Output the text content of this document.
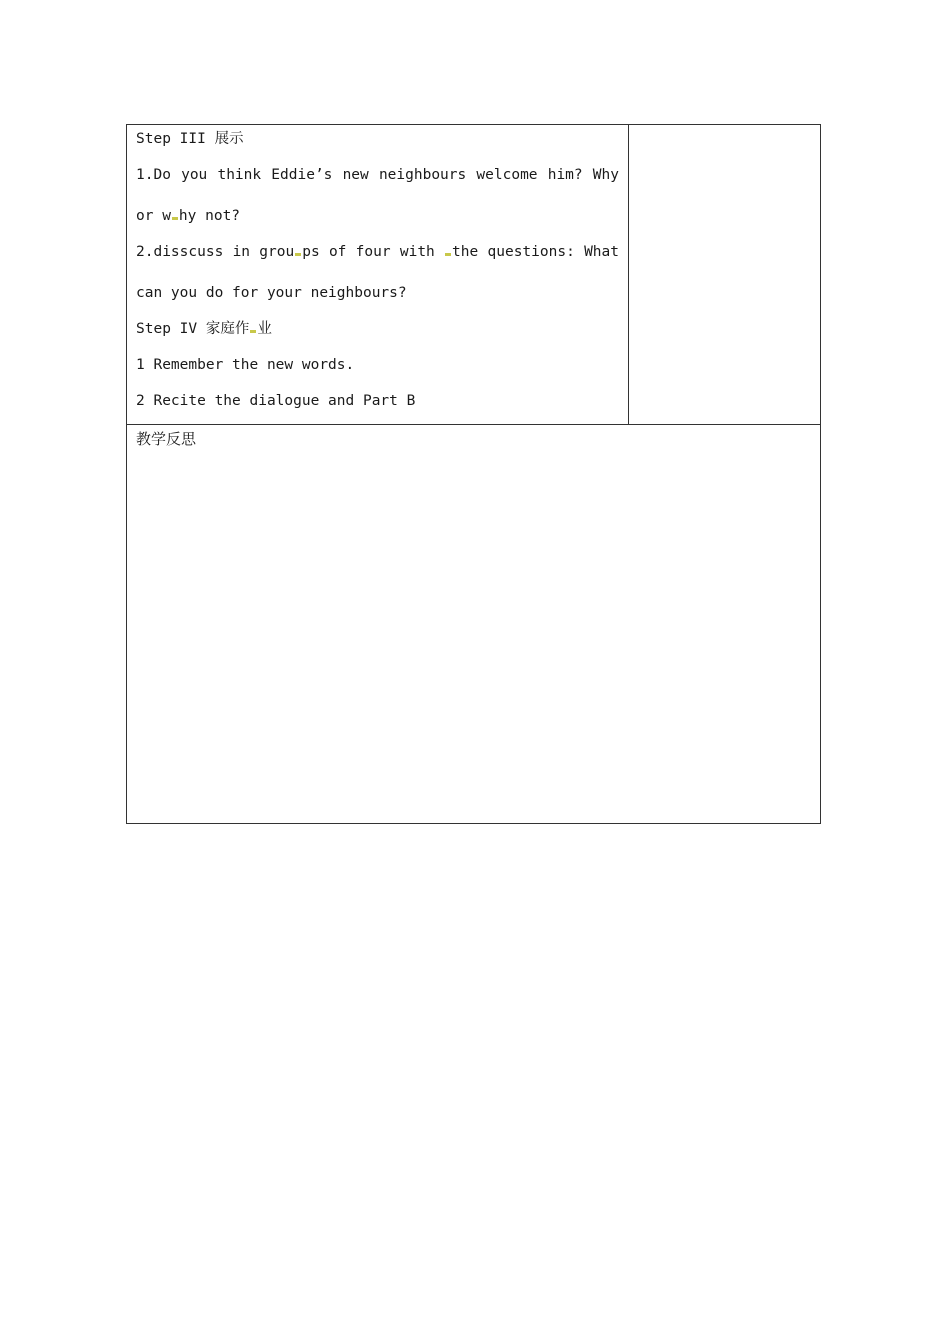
Step III 展示
1.Do you think Eddie’s new neighbours welcome him? Why
or w hy not?
2.disscuss in grou ps of four with the questions: What
can you do for your neighbours?
Step IV 家庭作 业
1 Remember the new words.
2 Recite the dialogue and Part B

教学反思
